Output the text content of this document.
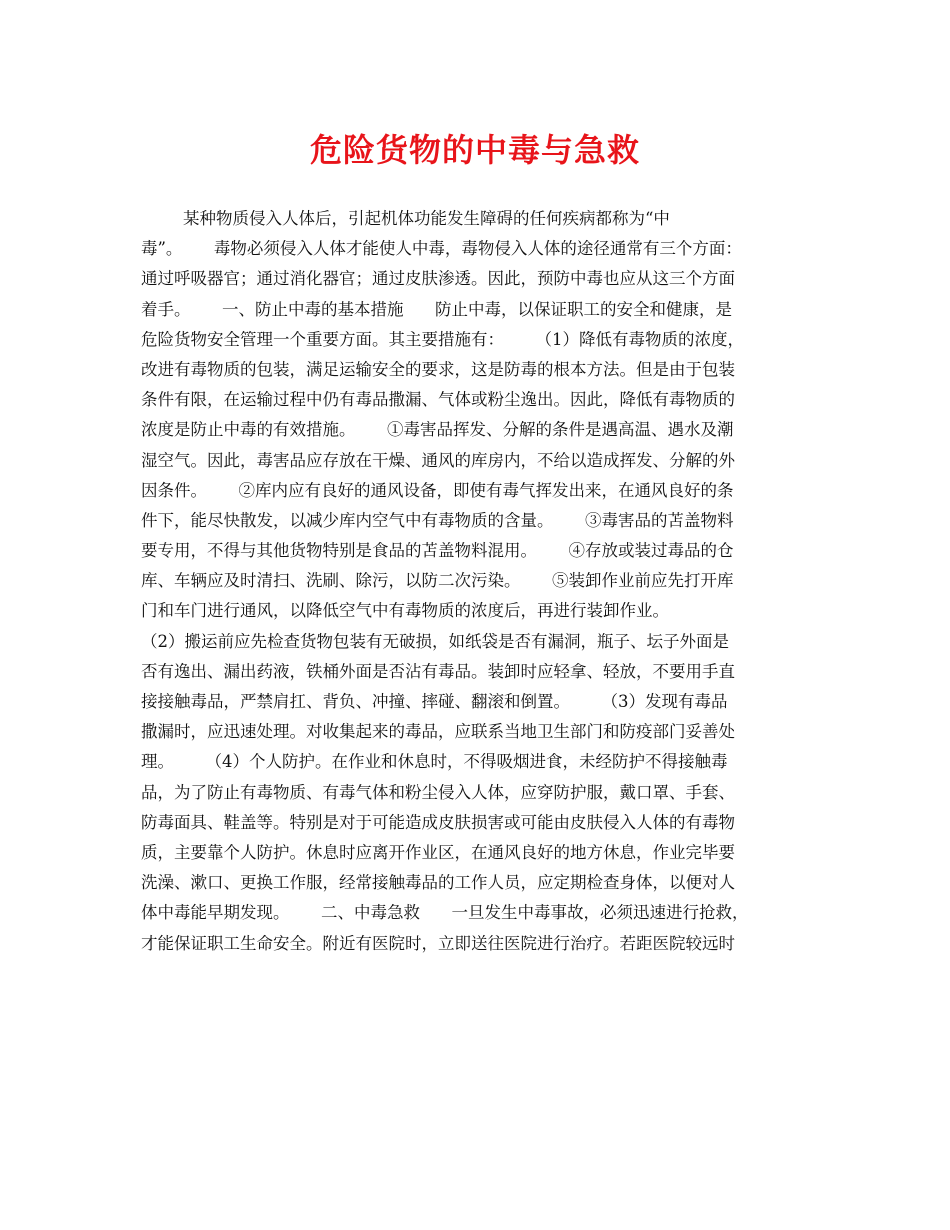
危险货物的中毒与急救
某种物质侵入人体后，引起机体功能发生障碍的任何疾病都称为“中
毒”。      毒物必须侵入人体才能使人中毒，毒物侵入人体的途径通常有三个方面：
通过呼吸器官；通过消化器官；通过皮肤渗透。因此，预防中毒也应从这三个方面
着手。      一、防止中毒的基本措施      防止中毒，以保证职工的安全和健康，是
危险货物安全管理一个重要方面。其主要措施有：      （1）降低有毒物质的浓度，
改进有毒物质的包装，满足运输安全的要求，这是防毒的根本方法。但是由于包装
条件有限，在运输过程中仍有毒品撒漏、气体或粉尘逸出。因此，降低有毒物质的
浓度是防止中毒的有效措施。      ①毒害品挥发、分解的条件是遇高温、遇水及潮
湿空气。因此，毒害品应存放在干燥、通风的库房内，不给以造成挥发、分解的外
因条件。      ②库内应有良好的通风设备，即使有毒气挥发出来，在通风良好的条
件下，能尽快散发，以减少库内空气中有毒物质的含量。      ③毒害品的苫盖物料
要专用，不得与其他货物特别是食品的苫盖物料混用。      ④存放或装过毒品的仓
库、车辆应及时清扫、洗刷、除污，以防二次污染。      ⑤装卸作业前应先打开库
门和车门进行通风，以降低空气中有毒物质的浓度后，再进行装卸作业。
（2）搬运前应先检查货物包装有无破损，如纸袋是否有漏洞，瓶子、坛子外面是
否有逸出、漏出药液，铁桶外面是否沾有毒品。装卸时应轻拿、轻放，不要用手直
接接触毒品，严禁肩扛、背负、冲撞、摔碰、翻滚和倒置。      （3）发现有毒品
撒漏时，应迅速处理。对收集起来的毒品，应联系当地卫生部门和防疫部门妥善处
理。      （4）个人防护。在作业和休息时，不得吸烟进食，未经防护不得接触毒
品，为了防止有毒物质、有毒气体和粉尘侵入人体，应穿防护服，戴口罩、手套、
防毒面具、鞋盖等。特别是对于可能造成皮肤损害或可能由皮肤侵入人体的有毒物
质，主要靠个人防护。休息时应离开作业区，在通风良好的地方休息，作业完毕要
洗澡、漱口、更换工作服，经常接触毒品的工作人员，应定期检查身体，以便对人
体中毒能早期发现。      二、中毒急救      一旦发生中毒事故，必须迅速进行抢救，
才能保证职工生命安全。附近有医院时，立即送往医院进行治疗。若距医院较远时
